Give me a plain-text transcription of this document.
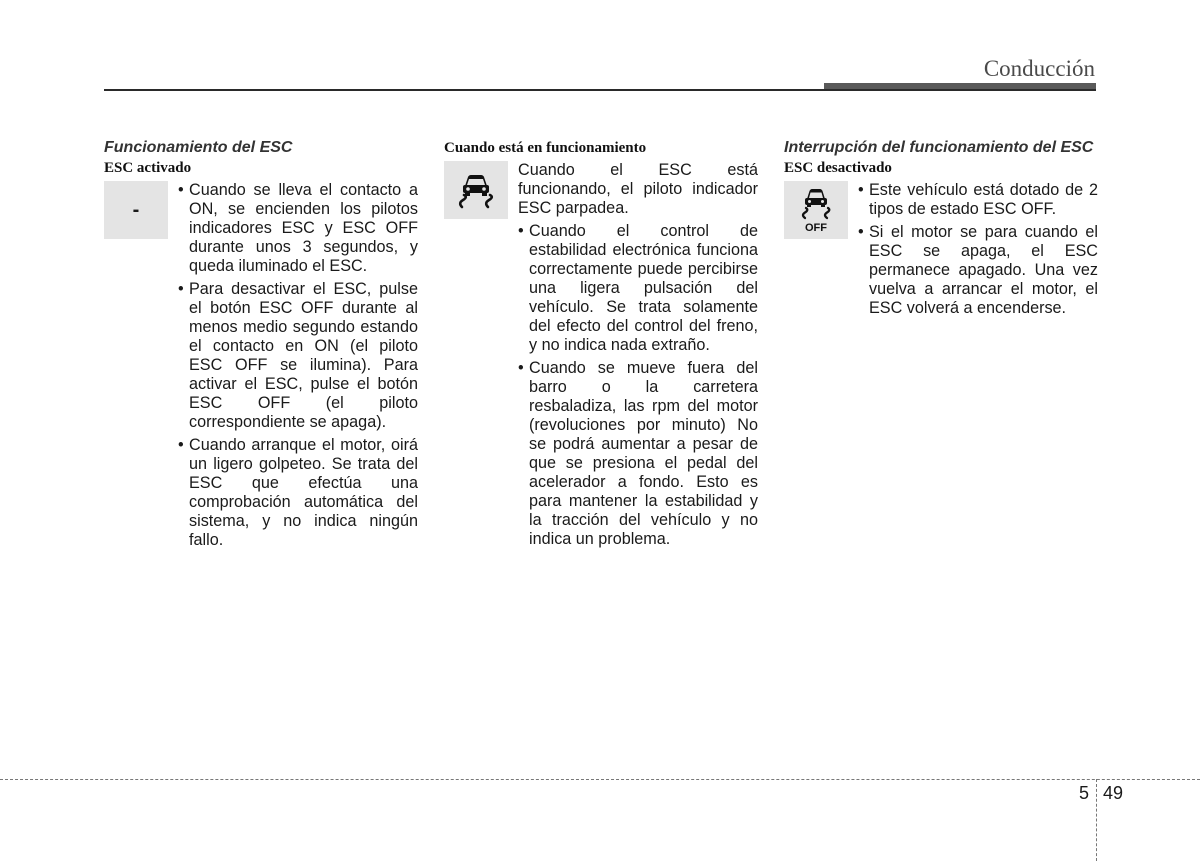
Conducción
Funcionamiento del ESC
ESC activado
-
• Cuando se lleva el contacto a ON, se encienden los pilotos indicadores ESC y ESC OFF durante unos 3 segundos, y queda iluminado el ESC.
• Para desactivar el ESC, pulse el botón ESC OFF durante al menos medio segundo estando el contacto en ON (el piloto ESC OFF se ilumina). Para activar el ESC, pulse el botón ESC OFF (el piloto correspondiente se apaga).
• Cuando arranque el motor, oirá un ligero golpeteo. Se trata del ESC que efectúa una comprobación automática del sistema, y no indica ningún fallo.
Cuando está en funcionamiento
Cuando el ESC está funcionando, el piloto indicador ESC parpadea.
• Cuando el control de estabilidad electrónica funciona correctamente puede percibirse una ligera pulsación del vehículo. Se trata solamente del efecto del control del freno, y no indica nada extraño.
• Cuando se mueve fuera del barro o la carretera resbaladiza, las rpm del motor (revoluciones por minuto) No se podrá aumentar a pesar de que se presiona el pedal del acelerador a fondo. Esto es para mantener la estabilidad y la tracción del vehículo y no indica un problema.
Interrupción del funcionamiento del ESC
ESC desactivado
OFF
• Este vehículo está dotado de 2 tipos de estado ESC OFF.
• Si el motor se para cuando el ESC se apaga, el ESC permanece apagado. Una vez vuelva a arrancar el motor, el ESC volverá a encenderse.
5 49
